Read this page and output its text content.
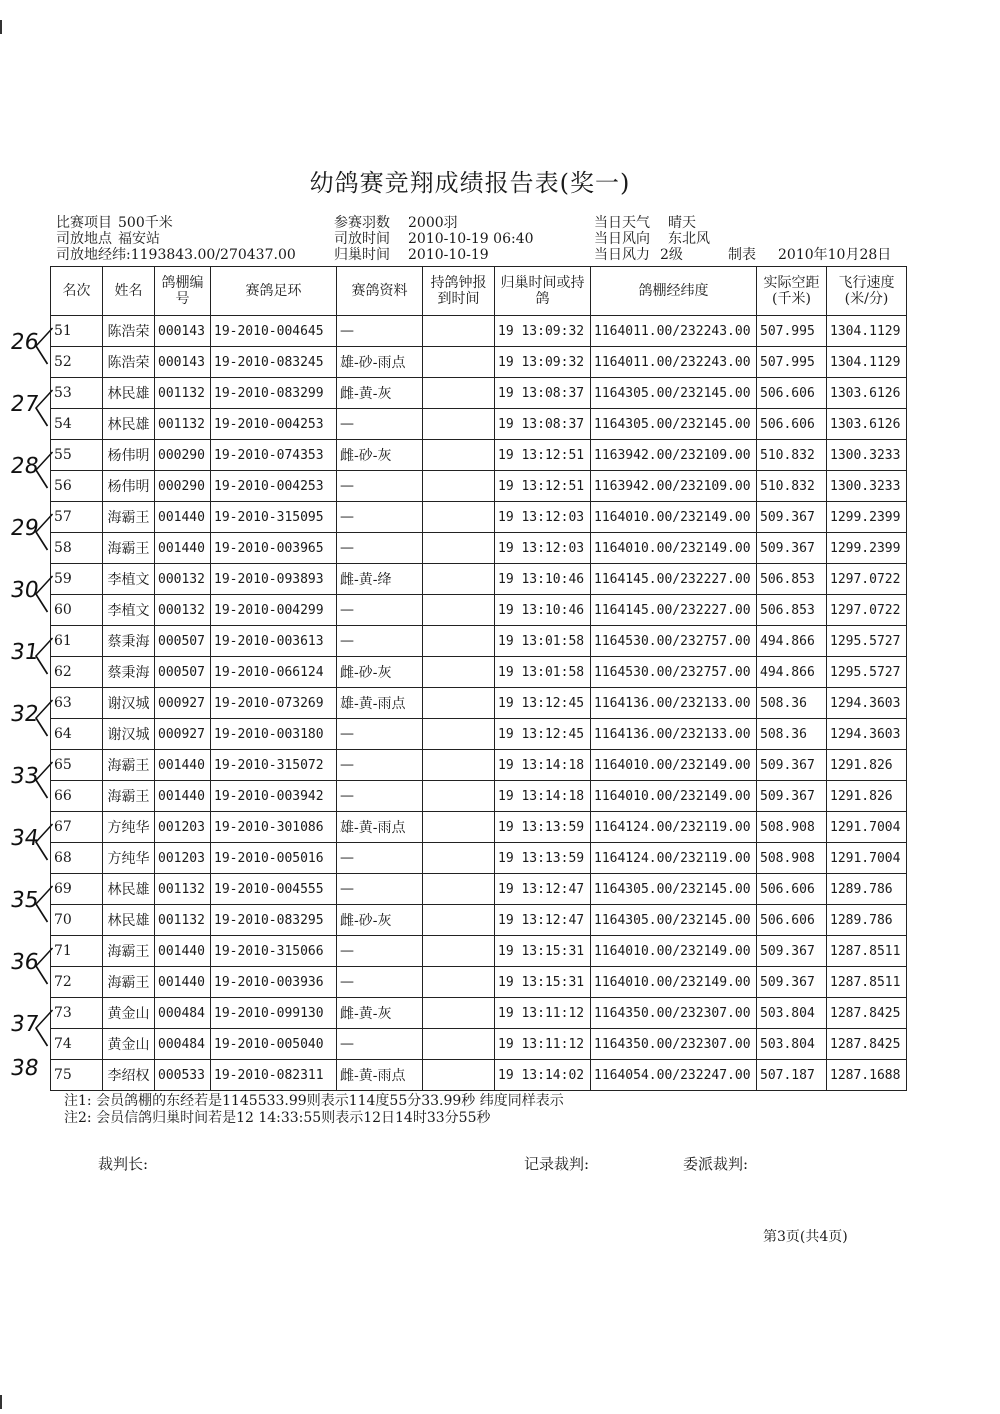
幼鸽赛竞翔成绩报告表(奖一)
比赛项目 500千米
司放地点 福安站
司放地经纬:1193843.00/270437.00
参赛羽数 2000羽
司放时间 2010-10-19 06:40
归巢时间 2010-10-19
当日天气 晴天
当日风向 东北风
当日风力 2级	制表 2010年10月28日
名次	姓名	鸽棚编号	赛鸽足环	赛鸽资料	持鸽钟报到时间	归巢时间或持鸽	鸽棚经纬度	实际空距(千米)	飞行速度(米/分)
51	陈浩荣	000143	19-2010-004645	—		19 13:09:32	1164011.00/232243.00	507.995	1304.1129
52	陈浩荣	000143	19-2010-083245	雄-砂-雨点		19 13:09:32	1164011.00/232243.00	507.995	1304.1129
53	林民雄	001132	19-2010-083299	雌-黄-灰		19 13:08:37	1164305.00/232145.00	506.606	1303.6126
54	林民雄	001132	19-2010-004253	—		19 13:08:37	1164305.00/232145.00	506.606	1303.6126
55	杨伟明	000290	19-2010-074353	雌-砂-灰		19 13:12:51	1163942.00/232109.00	510.832	1300.3233
56	杨伟明	000290	19-2010-004253	—		19 13:12:51	1163942.00/232109.00	510.832	1300.3233
57	海霸王	001440	19-2010-315095	—		19 13:12:03	1164010.00/232149.00	509.367	1299.2399
58	海霸王	001440	19-2010-003965	—		19 13:12:03	1164010.00/232149.00	509.367	1299.2399
59	李植文	000132	19-2010-093893	雌-黄-绛		19 13:10:46	1164145.00/232227.00	506.853	1297.0722
60	李植文	000132	19-2010-004299	—		19 13:10:46	1164145.00/232227.00	506.853	1297.0722
61	蔡秉海	000507	19-2010-003613	—		19 13:01:58	1164530.00/232757.00	494.866	1295.5727
62	蔡秉海	000507	19-2010-066124	雌-砂-灰		19 13:01:58	1164530.00/232757.00	494.866	1295.5727
63	谢汉城	000927	19-2010-073269	雄-黄-雨点		19 13:12:45	1164136.00/232133.00	508.36	1294.3603
64	谢汉城	000927	19-2010-003180	—		19 13:12:45	1164136.00/232133.00	508.36	1294.3603
65	海霸王	001440	19-2010-315072	—		19 13:14:18	1164010.00/232149.00	509.367	1291.826
66	海霸王	001440	19-2010-003942	—		19 13:14:18	1164010.00/232149.00	509.367	1291.826
67	方纯华	001203	19-2010-301086	雄-黄-雨点		19 13:13:59	1164124.00/232119.00	508.908	1291.7004
68	方纯华	001203	19-2010-005016	—		19 13:13:59	1164124.00/232119.00	508.908	1291.7004
69	林民雄	001132	19-2010-004555	—		19 13:12:47	1164305.00/232145.00	506.606	1289.786
70	林民雄	001132	19-2010-083295	雌-砂-灰		19 13:12:47	1164305.00/232145.00	506.606	1289.786
71	海霸王	001440	19-2010-315066	—		19 13:15:31	1164010.00/232149.00	509.367	1287.8511
72	海霸王	001440	19-2010-003936	—		19 13:15:31	1164010.00/232149.00	509.367	1287.8511
73	黄金山	000484	19-2010-099130	雌-黄-灰		19 13:11:12	1164350.00/232307.00	503.804	1287.8425
74	黄金山	000484	19-2010-005040	—		19 13:11:12	1164350.00/232307.00	503.804	1287.8425
75	李绍权	000533	19-2010-082311	雌-黄-雨点		19 13:14:02	1164054.00/232247.00	507.187	1287.1688
26
27
28
29
30
31
32
33
34
35
36
37
38
注1: 会员鸽棚的东经若是1145533.99则表示114度55分33.99秒 纬度同样表示
注2: 会员信鸽归巢时间若是12 14:33:55则表示12日14时33分55秒
裁判长:	记录裁判:	委派裁判:
第3页(共4页)
